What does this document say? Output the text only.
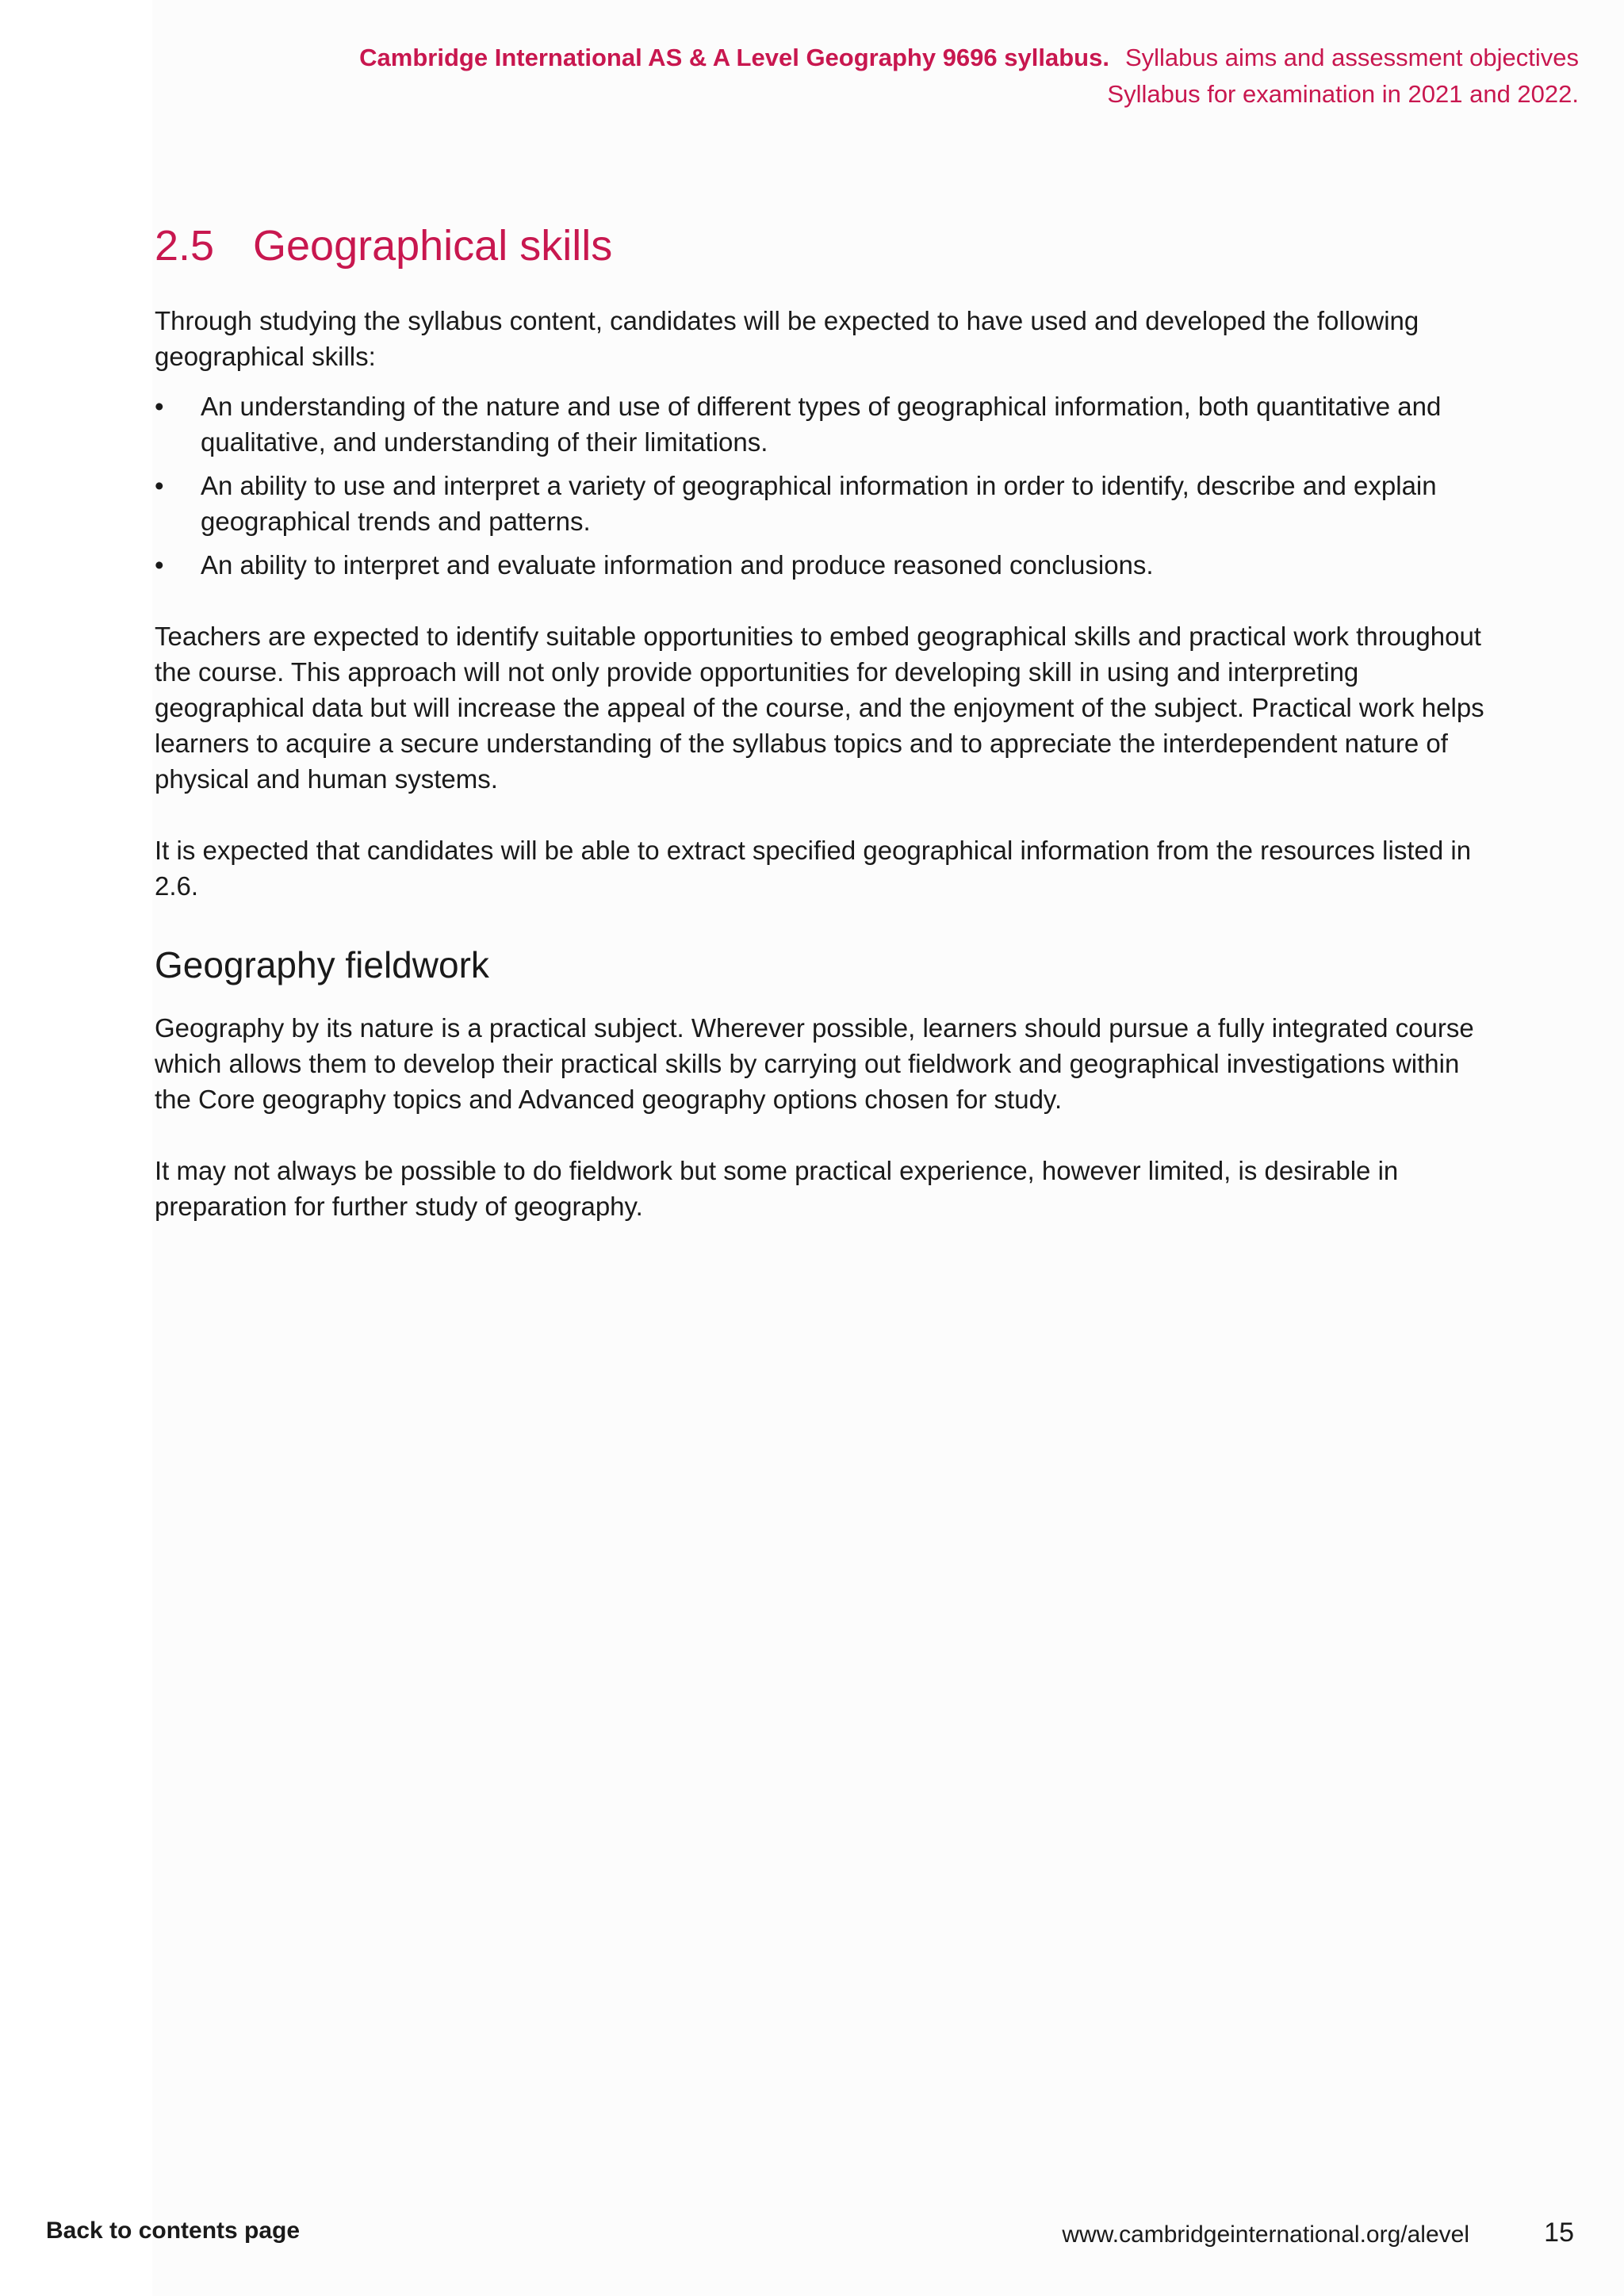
Cambridge International AS & A Level Geography 9696 syllabus. Syllabus aims and assessment objectives
Syllabus for examination in 2021 and 2022.
2.5 Geographical skills

Through studying the syllabus content, candidates will be expected to have used and developed the following geographical skills:

• An understanding of the nature and use of different types of geographical information, both quantitative and qualitative, and understanding of their limitations.
• An ability to use and interpret a variety of geographical information in order to identify, describe and explain geographical trends and patterns.
• An ability to interpret and evaluate information and produce reasoned conclusions.

Teachers are expected to identify suitable opportunities to embed geographical skills and practical work throughout the course. This approach will not only provide opportunities for developing skill in using and interpreting geographical data but will increase the appeal of the course, and the enjoyment of the subject. Practical work helps learners to acquire a secure understanding of the syllabus topics and to appreciate the interdependent nature of physical and human systems.

It is expected that candidates will be able to extract specified geographical information from the resources listed in 2.6.

Geography fieldwork

Geography by its nature is a practical subject. Wherever possible, learners should pursue a fully integrated course which allows them to develop their practical skills by carrying out fieldwork and geographical investigations within the Core geography topics and Advanced geography options chosen for study.

It may not always be possible to do fieldwork but some practical experience, however limited, is desirable in preparation for further study of geography.

Back to contents page	www.cambridgeinternational.org/alevel	15
